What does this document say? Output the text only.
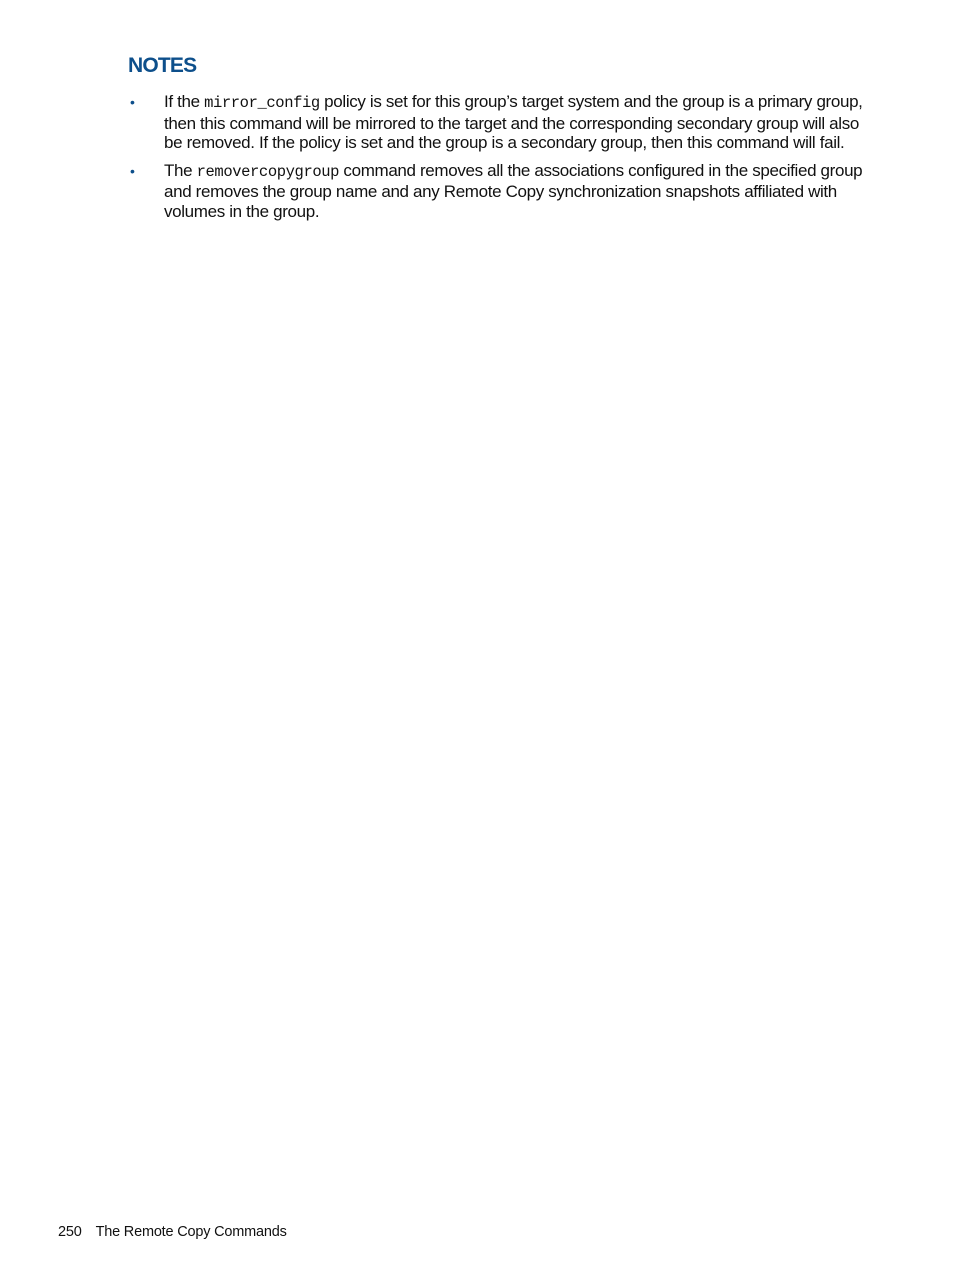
NOTES
• If the mirror_config policy is set for this group’s target system and the group is a primary group, then this command will be mirrored to the target and the corresponding secondary group will also be removed. If the policy is set and the group is a secondary group, then this command will fail.
• The removercopygroup command removes all the associations configured in the specified group and removes the group name and any Remote Copy synchronization snapshots affiliated with volumes in the group.
250 The Remote Copy Commands
